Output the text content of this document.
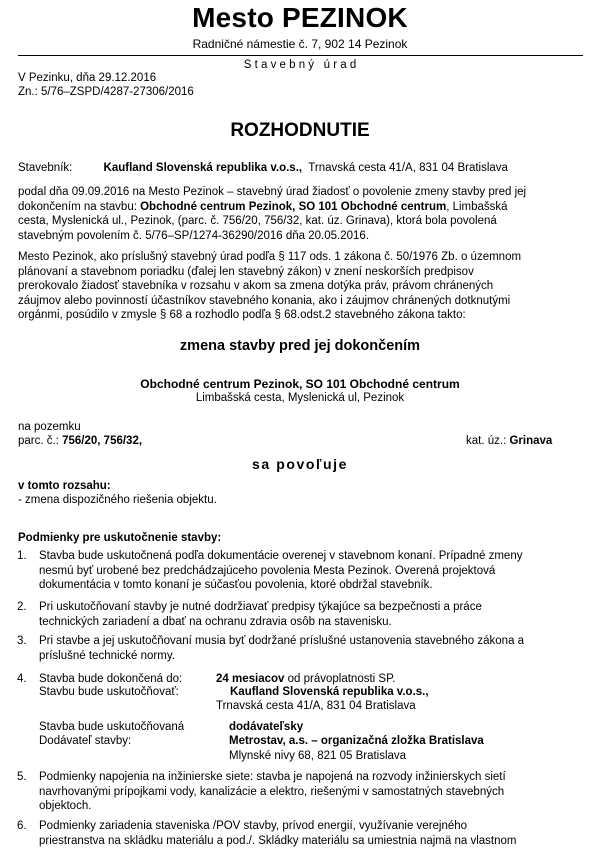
Mesto PEZINOK
Radničné námestie č. 7, 902 14 Pezinok
S t a v e b n ý   ú r a d
V Pezinku, dňa 29.12.2016
Zn.: 5/76–ZSPD/4287-27306/2016
ROZHODNUTIE
Stavebník:	Kaufland Slovenská republika v.o.s., Trnavská cesta 41/A, 831 04 Bratislava
podal dňa 09.09.2016 na Mesto Pezinok – stavebný úrad žiadosť o povolenie zmeny stavby pred jej
dokončením na stavbu: Obchodné centrum Pezinok, SO 101 Obchodné centrum, Limbašská
cesta, Myslenická ul., Pezinok, (parc. č. 756/20, 756/32, kat. úz. Grinava), ktorá bola povolená
stavebným povolením č. 5/76–SP/1274-36290/2016 dňa 20.05.2016.
Mesto Pezinok, ako príslušný stavebný úrad podľa § 117 ods. 1 zákona č. 50/1976 Zb. o územnom
plánovaní a stavebnom poriadku (ďalej len stavebný zákon) v znení neskorších predpisov
prerokovalo žiadosť stavebníka v rozsahu v akom sa zmena dotýka práv, právom chránených
záujmov alebo povinností účastníkov stavebného konania, ako i záujmov chránených dotknutými
orgánmi, posúdilo v zmysle § 68 a rozhodlo podľa § 68.odst.2 stavebného zákona takto:
zmena stavby pred jej dokončením
Obchodné centrum Pezinok, SO 101 Obchodné centrum
Limbašská cesta, Myslenická ul, Pezinok
na pozemku
parc. č.: 756/20, 756/32,	kat. úz.: Grinava
sa povoľuje
v tomto rozsahu:
- zmena dispozičného riešenia objektu.
Podmienky pre uskutočnenie stavby:
1. Stavba bude uskutočnená podľa dokumentácie overenej v stavebnom konaní. Prípadné zmeny
nesmú byť urobené bez predchádzajúceho povolenia Mesta Pezinok. Overená projektová
dokumentácia v tomto konaní je súčasťou povolenia, ktoré obdržal stavebník.
2. Pri uskutočňovaní stavby je nutné dodržiavať predpisy týkajúce sa bezpečnosti a práce
technických zariadení a dbať na ochranu zdravia osôb na stavenisku.
3. Pri stavbe a jej uskutočňovaní musia byť dodržané príslušné ustanovenia stavebného zákona a
príslušné technické normy.
4. Stavba bude dokončená do:	24 mesiacov od právoplatnosti SP.
Stavbu bude uskutočňovať:	Kaufland Slovenská republika v.o.s.,
Trnavská cesta 41/A, 831 04 Bratislava
Stavba bude uskutočňovaná	dodávateľsky
Dodávateľ stavby:	Metrostav, a.s. – organizačná zložka Bratislava
Mlynské nivy 68, 821 05 Bratislava
5. Podmienky napojenia na inžinierske siete: stavba je napojená na rozvody inžinierskych sietí
navrhovanými prípojkami vody, kanalizácie a elektro, riešenými v samostatných stavebných
objektoch.
6. Podmienky zariadenia staveniska /POV stavby, prívod energií, využívanie verejného
priestranstva na skládku materiálu a pod./. Skládky materiálu sa umiestnia najmä na vlastnom
